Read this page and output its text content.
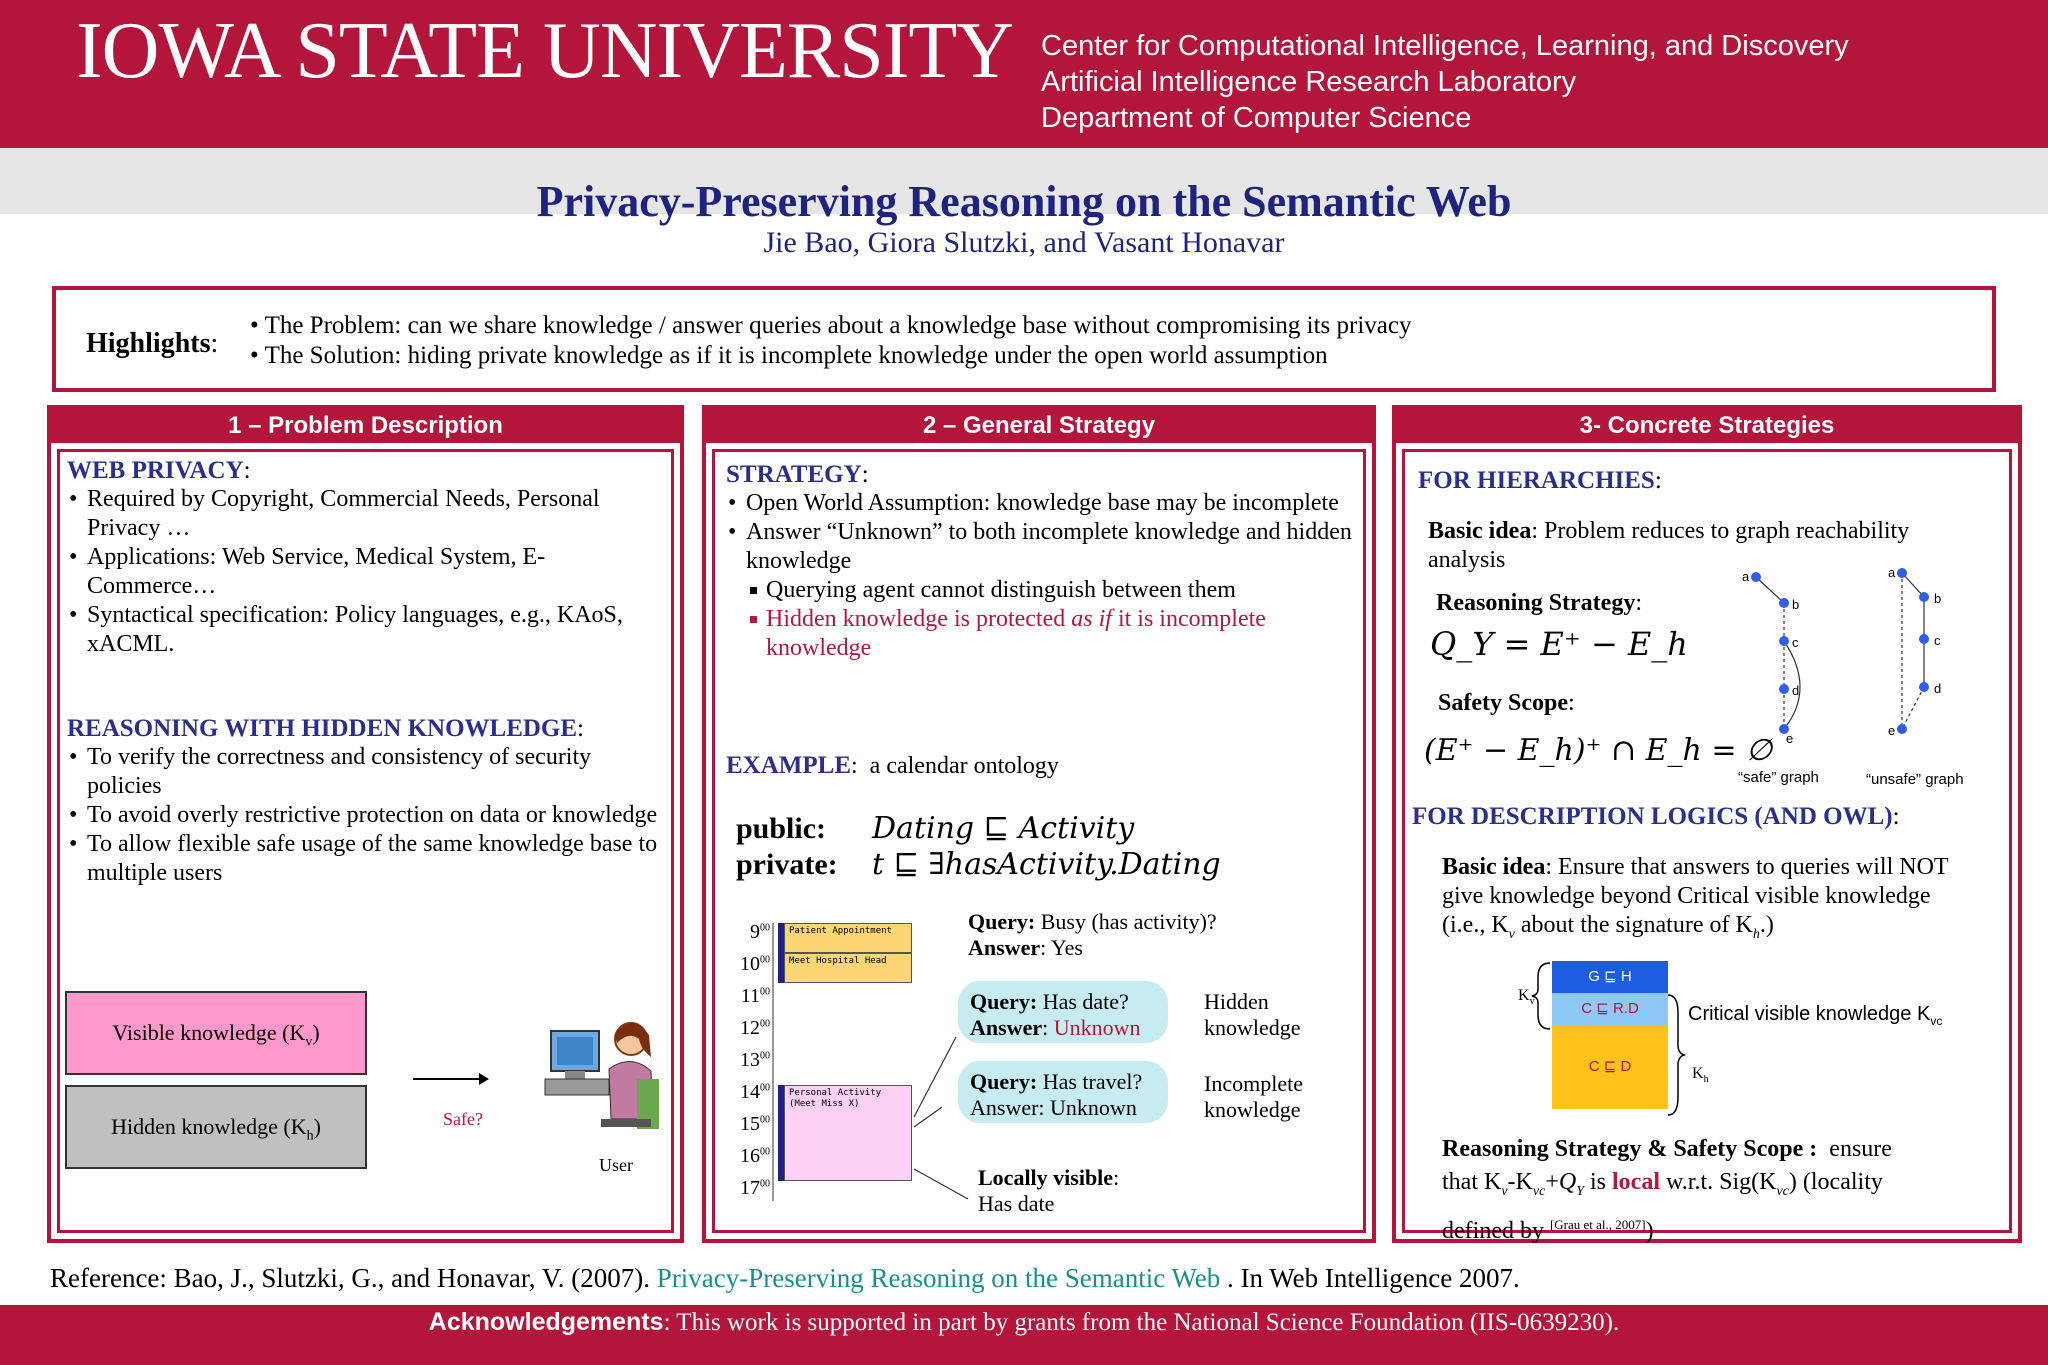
IOWA STATE UNIVERSITY Center for Computational Intelligence, Learning, and Discovery
Artificial Intelligence Research Laboratory
Department of Computer Science
Privacy-Preserving Reasoning on the Semantic Web
Jie Bao, Giora Slutzki, and Vasant Honavar
Highlights:
• The Problem: can we share knowledge / answer queries about a knowledge base without compromising its privacy
• The Solution: hiding private knowledge as if it is incomplete knowledge under the open world assumption
1 – Problem Description
WEB PRIVACY:
• Required by Copyright, Commercial Needs, Personal Privacy …
• Applications: Web Service, Medical System, E-Commerce…
• Syntactical specification: Policy languages, e.g., KAoS, xACML.
REASONING WITH HIDDEN KNOWLEDGE:
• To verify the correctness and consistency of security policies
• To avoid overly restrictive protection on data or knowledge
• To allow flexible safe usage of the same knowledge base to multiple users
Visible knowledge $(K_v)$
Hidden knowledge $(K_h)$	Safe?
User
2 – General Strategy
STRATEGY:
• Open World Assumption: knowledge base may be incomplete
• Answer “Unknown” to both incomplete knowledge and hidden knowledge
Querying agent cannot distinguish between them
Hidden knowledge is protected as if it is incomplete knowledge
EXAMPLE:  a calendar ontology
public: Dating ⊑ Activity
private: t ⊑ ∃hasActivity.Dating
$9^{00}$
$10^{00}$
$11^{00}$
$12^{00}$
$13^{00}$
$14^{00}$
$15^{00}$
$16^{00}$
$17^{00}$
Patient Appointment
Meet Hospital Head
Personal Activity
(Meet Miss X)
Query: Busy (has activity)?
Answer: Yes
Query: Has date?
Answer: Unknown
Hidden
knowledge
Query: Has travel?
Answer: Unknown
Incomplete
knowledge
Locally visible:
Has date
3- Concrete Strategies
FOR HIERARCHIES:
Basic idea: Problem reduces to graph reachability analysis
Reasoning Strategy:
Q_Y = E⁺ − E_h
Safety Scope:
(E⁺ − E_h)⁺ ∩ E_h = ∅
a
b
c
d
e
a
b
c
d
e
“safe” graph	“unsafe” graph
FOR DESCRIPTION LOGICS (AND OWL):
Basic idea: Ensure that answers to queries will NOT give knowledge beyond Critical visible knowledge (i.e., $K_v$ about the signature of $K_h$.)
G ⊑ H
C ⊑ R.D
C ⊑ D
$K_v$
$K_h$
Critical visible knowledge $K_{vc}$
Reasoning Strategy & Safety Scope : ensure
that $K_v-K_{vc}+Q_Y$ is local w.r.t. $Sig(K_{vc})$ (locality
defined by [Grau et al., 2007])
Reference: Bao, J., Slutzki, G., and Honavar, V. (2007). Privacy-Preserving Reasoning on the Semantic Web . In Web Intelligence 2007.
Acknowledgements: This work is supported in part by grants from the National Science Foundation (IIS-0639230).
